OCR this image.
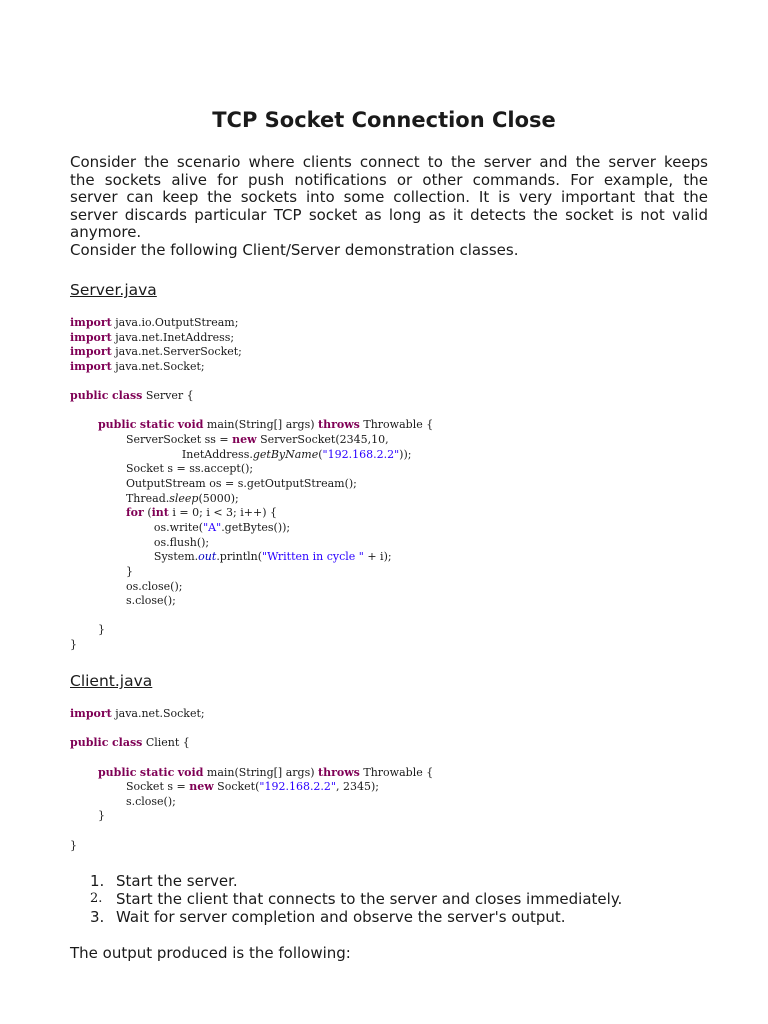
TCP Socket Connection Close
Consider the scenario where clients connect to the server and the server keeps
the sockets alive for push notifications or other commands. For example, the
server can keep the sockets into some collection. It is very important that the
server discards particular TCP socket as long as it detects the socket is not valid
anymore.
Consider the following Client/Server demonstration classes.
Server.java
import java.io.OutputStream;
import java.net.InetAddress;
import java.net.ServerSocket;
import java.net.Socket;
public class Server {
public static void main(String[] args) throws Throwable {
ServerSocket ss = new ServerSocket(2345,10,
InetAddress.getByName("192.168.2.2"));
Socket s = ss.accept();
OutputStream os = s.getOutputStream();
Thread.sleep(5000);
for (int i = 0; i < 3; i++) {
os.write("A".getBytes());
os.flush();
System.out.println("Written in cycle " + i);
}
os.close();
s.close();
}
}
Client.java
import java.net.Socket;
public class Client {
public static void main(String[] args) throws Throwable {
Socket s = new Socket("192.168.2.2", 2345);
s.close();
}
}
1. Start the server.
2. Start the client that connects to the server and closes immediately.
3. Wait for server completion and observe the server's output.
The output produced is the following:
